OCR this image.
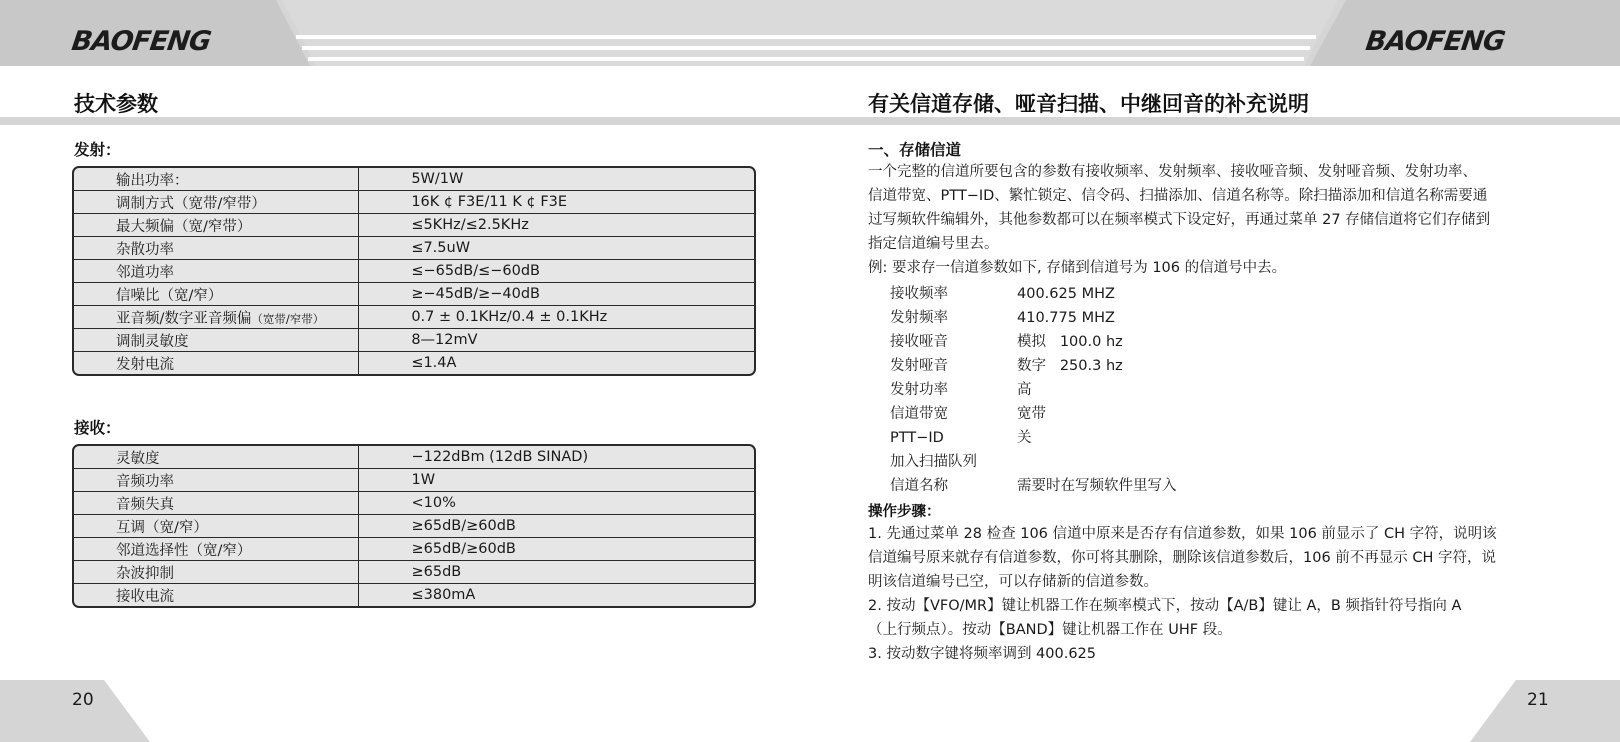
BAOFENG	BAOFENG
技术参数
发射：
输出功率：	5W/1W
调制方式（宽带/窄带）	16K ¢ F3E/11 K ¢ F3E
最大频偏（宽/窄带）	≤5KHz/≤2.5KHz
杂散功率	≤7.5uW
邻道功率	≤−65dB/≤−60dB
信噪比（宽/窄）	≥−45dB/≥−40dB
亚音频/数字亚音频偏（宽带/窄带）	0.7 ± 0.1KHz/0.4 ± 0.1KHz
调制灵敏度	8—12mV
发射电流	≤1.4A
接收：
灵敏度	−122dBm (12dB SINAD)
音频功率	1W
音频失真	<10%
互调（宽/窄）	≥65dB/≥60dB
邻道选择性（宽/窄）	≥65dB/≥60dB
杂波抑制	≥65dB
接收电流	≤380mA
有关信道存储、哑音扫描、中继回音的补充说明
一、存储信道
一个完整的信道所要包含的参数有接收频率、发射频率、接收哑音频、发射哑音频、发射功率、
信道带宽、PTT−ID、繁忙锁定、信令码、扫描添加、信道名称等。除扫描添加和信道名称需要通
过写频软件编辑外，其他参数都可以在频率模式下设定好，再通过菜单 27 存储信道将它们存储到
指定信道编号里去。
例: 要求存一信道参数如下, 存储到信道号为 106 的信道号中去。
接收频率	400.625 MHZ
发射频率	410.775 MHZ
接收哑音	模拟   100.0 hz
发射哑音	数字   250.3 hz
发射功率	高
信道带宽	宽带
PTT−ID	关
加入扫描队列
信道名称	需要时在写频软件里写入
操作步骤：
1. 先通过菜单 28 检查 106 信道中原来是否存有信道参数，如果 106 前显示了 CH 字符，说明该
信道编号原来就存有信道参数，你可将其删除，删除该信道参数后，106 前不再显示 CH 字符，说
明该信道编号已空，可以存储新的信道参数。
2. 按动【VFO/MR】键让机器工作在频率模式下，按动【A/B】键让 A，B 频指针符号指向 A
（上行频点）。按动【BAND】键让机器工作在 UHF 段。
3. 按动数字键将频率调到 400.625
20	21
